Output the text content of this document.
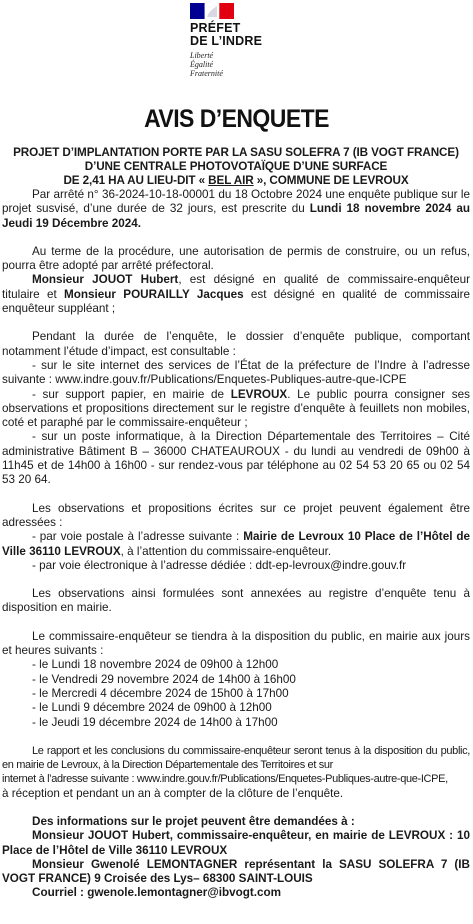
PRÉFET
DE L’INDRE
Liberté
Égalité
Fraternité
AVIS D’ENQUETE
PROJET D’IMPLANTATION PORTE PAR LA SASU SOLEFRA 7 (IB VOGT FRANCE)
D’UNE CENTRALE PHOTOVOTAÏQUE D’UNE SURFACE
DE 2,41 HA AU LIEU-DIT « BEL AIR », COMMUNE DE LEVROUX

Par arrêté n° 36-2024-10-18-00001 du 18 Octobre 2024 une enquête publique sur le projet susvisé, d’une durée de 32 jours, est prescrite du Lundi 18 novembre 2024 au Jeudi 19 Décembre 2024.

Au terme de la procédure, une autorisation de permis de construire, ou un refus, pourra être adopté par arrêté préfectoral.

Monsieur JOUOT Hubert, est désigné en qualité de commissaire-enquêteur titulaire et Monsieur POURAILLY Jacques est désigné en qualité de commissaire enquêteur suppléant ;

Pendant la durée de l’enquête, le dossier d’enquête publique, comportant notamment l’étude d’impact, est consultable :

- sur le site internet des services de l’État de la préfecture de l’Indre à l’adresse suivante : www.indre.gouv.fr/Publications/Enquetes-Publiques-autre-que-ICPE

- sur support papier, en mairie de LEVROUX. Le public pourra consigner ses observations et propositions directement sur le registre d’enquête à feuillets non mobiles, coté et paraphé par le commissaire-enquêteur ;

- sur un poste informatique, à la Direction Départementale des Territoires – Cité administrative Bâtiment B – 36000 CHATEAUROUX - du lundi au vendredi de 09h00 à 11h45 et de 14h00 à 16h00 - sur rendez-vous par téléphone au 02 54 53 20 65 ou 02 54 53 20 64.

Les observations et propositions écrites sur ce projet peuvent également être adressées :

- par voie postale à l’adresse suivante : Mairie de Levroux 10 Place de l’Hôtel de Ville 36110 LEVROUX, à l’attention du commissaire-enquêteur.

- par voie électronique à l’adresse dédiée : ddt-ep-levroux@indre.gouv.fr

Les observations ainsi formulées sont annexées au registre d’enquête tenu à disposition en mairie.

Le commissaire-enquêteur se tiendra à la disposition du public, en mairie aux jours et heures suivants :

- le Lundi 18 novembre 2024 de 09h00 à 12h00
- le Vendredi 29 novembre 2024 de 14h00 à 16h00
- le Mercredi 4 décembre 2024 de 15h00 à 17h00
- le Lundi 9 décembre 2024 de 09h00 à 12h00
- le Jeudi 19 décembre 2024 de 14h00 à 17h00

Le rapport et les conclusions du commissaire-enquêteur seront tenus à la disposition du public, en mairie de Levroux, à la Direction Départementale des Territoires et sur

internet à l’adresse suivante : www.indre.gouv.fr/Publications/Enquetes-Publiques-autre-que-ICPE,

à réception et pendant un an à compter de la clôture de l’enquête.

Des informations sur le projet peuvent être demandées à :

Monsieur JOUOT Hubert, commissaire-enquêteur, en mairie de LEVROUX : 10 Place de l’Hôtel de Ville 36110 LEVROUX

Monsieur Gwenolé LEMONTAGNER représentant la SASU SOLEFRA 7 (IB VOGT FRANCE) 9 Croisée des Lys– 68300 SAINT-LOUIS

Courriel : gwenole.lemontagner@ibvogt.com
